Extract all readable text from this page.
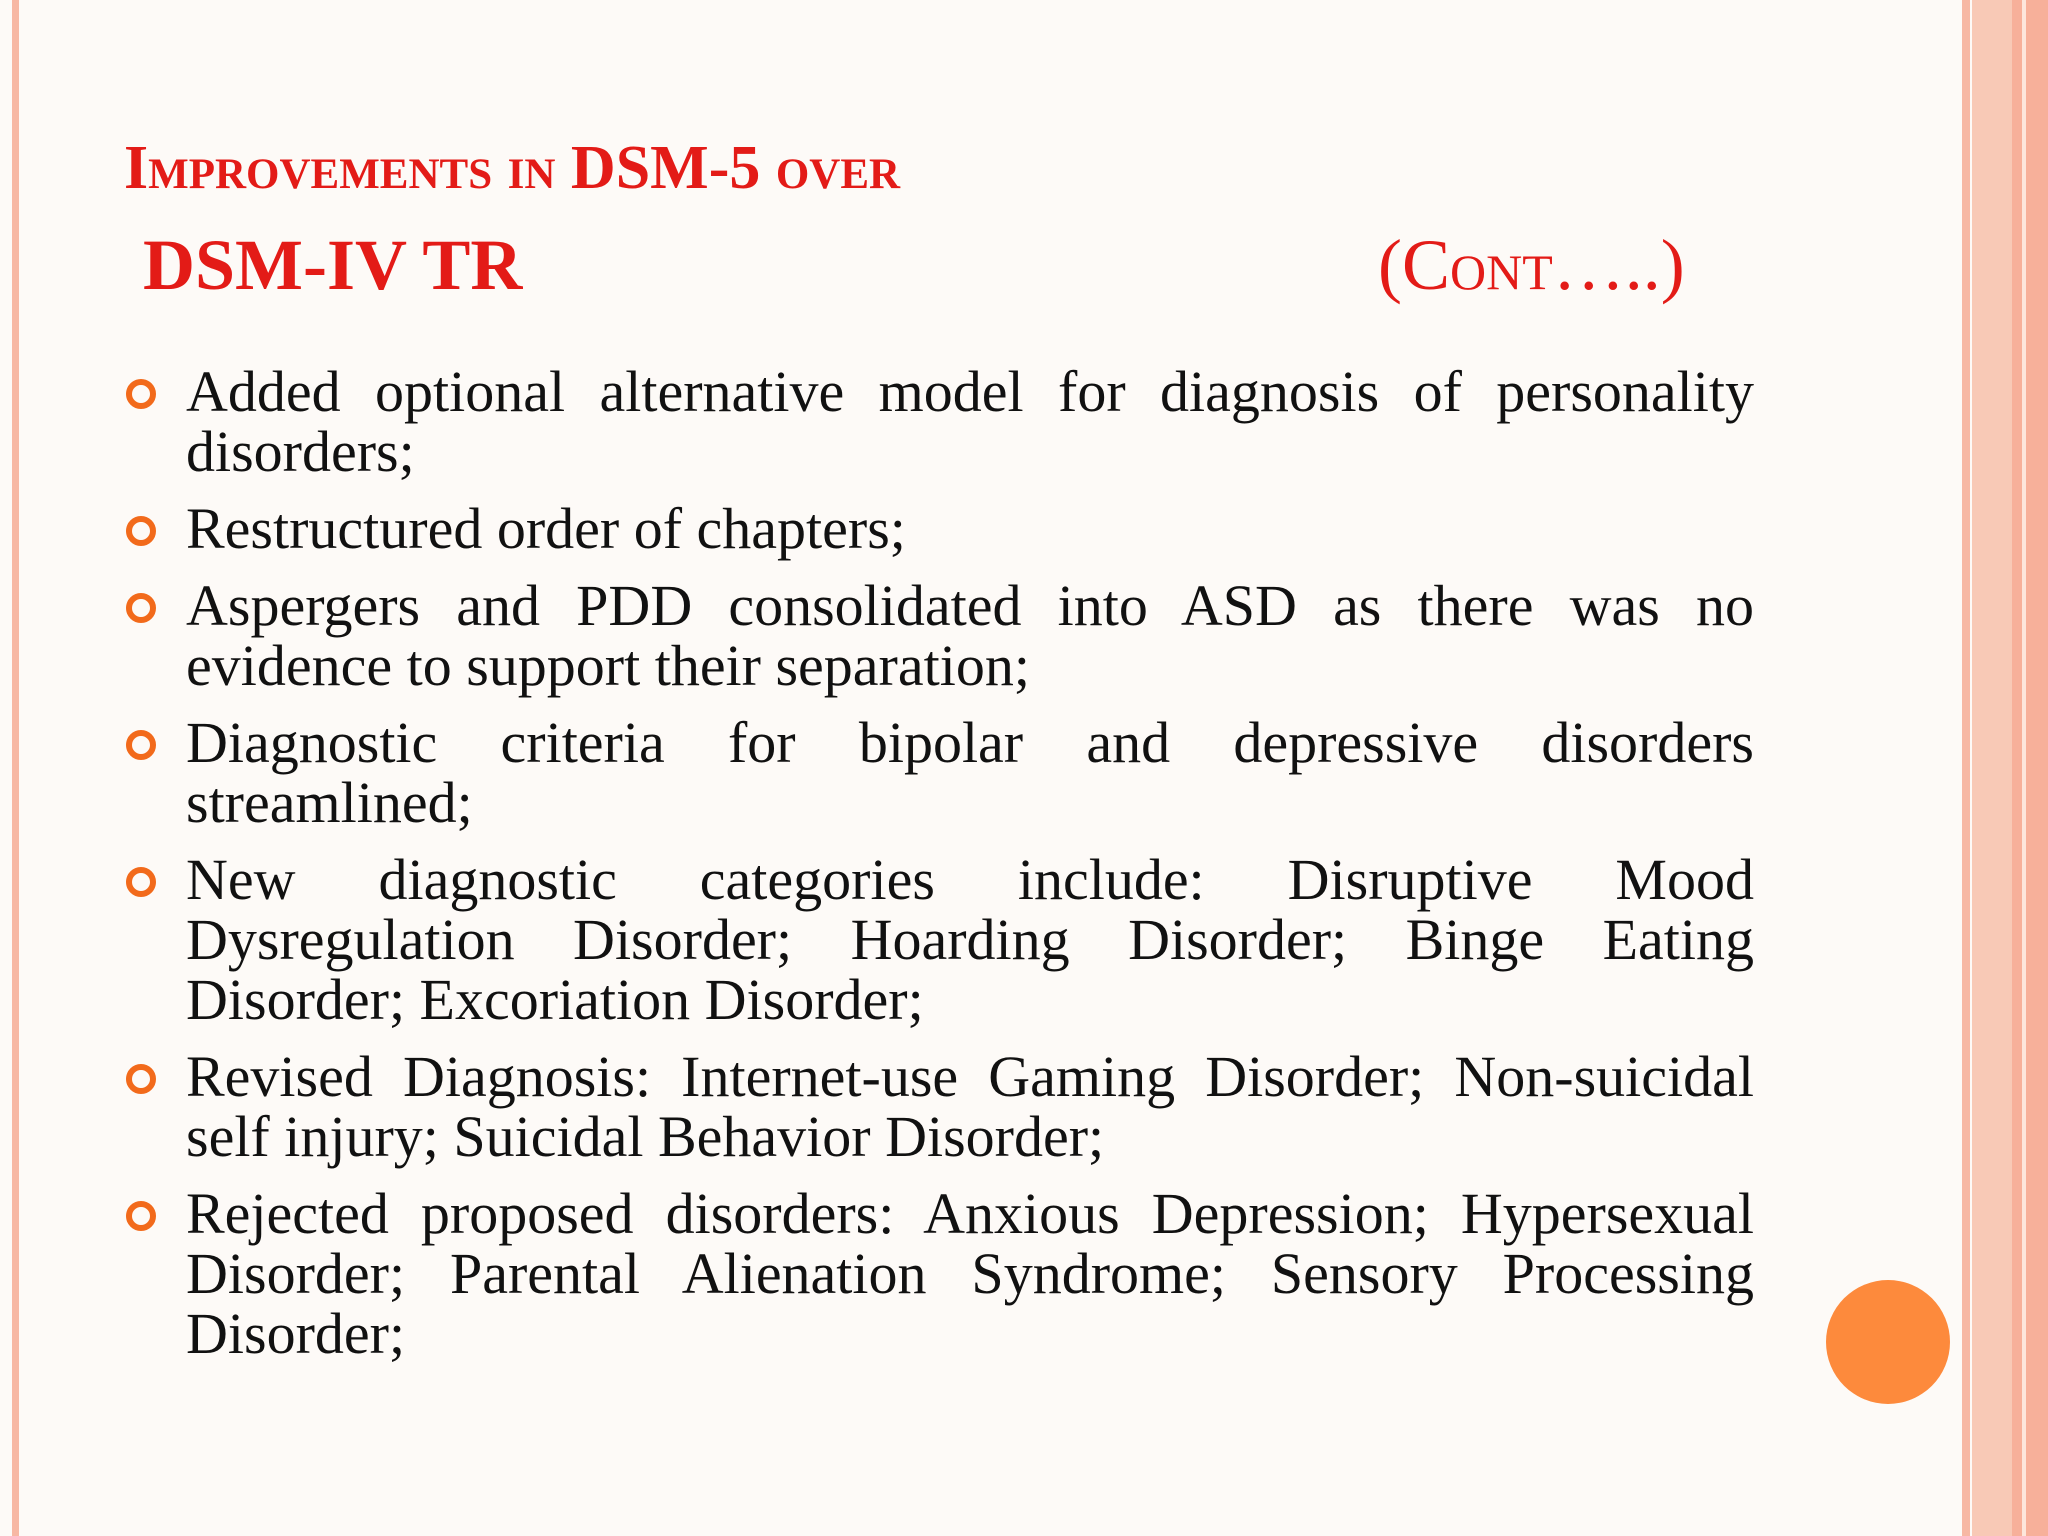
Improvements in DSM-5 over
DSM-IV TR	(Cont…..)
Added optional alternative model for diagnosis of personality disorders;
Restructured order of chapters;
Aspergers and PDD consolidated into ASD as there was no evidence to support their separation;
Diagnostic criteria for bipolar and depressive disorders streamlined;
New diagnostic categories include: Disruptive Mood Dysregulation Disorder; Hoarding Disorder; Binge Eating Disorder; Excoriation Disorder;
Revised Diagnosis: Internet-use Gaming Disorder; Non-suicidal self injury; Suicidal Behavior Disorder;
Rejected proposed disorders: Anxious Depression; Hypersexual Disorder; Parental Alienation Syndrome; Sensory Processing Disorder;
